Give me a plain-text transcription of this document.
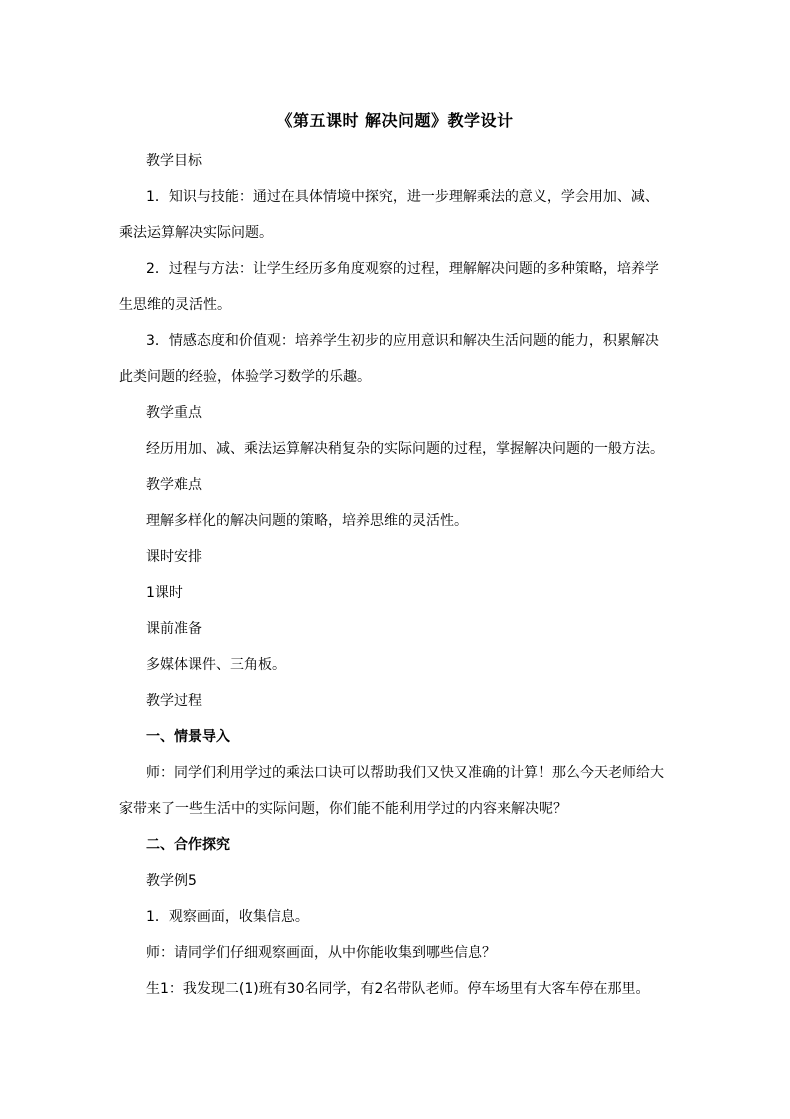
《第五课时 解决问题》教学设计
教学目标
1．知识与技能：通过在具体情境中探究，进一步理解乘法的意义，学会用加、减、
乘法运算解决实际问题。
2．过程与方法：让学生经历多角度观察的过程，理解解决问题的多种策略，培养学
生思维的灵活性。
3．情感态度和价值观：培养学生初步的应用意识和解决生活问题的能力，积累解决
此类问题的经验，体验学习数学的乐趣。
教学重点
经历用加、减、乘法运算解决稍复杂的实际问题的过程，掌握解决问题的一般方法。
教学难点
理解多样化的解决问题的策略，培养思维的灵活性。
课时安排
1课时
课前准备
多媒体课件、三角板。
教学过程
一、情景导入
师：同学们利用学过的乘法口诀可以帮助我们又快又准确的计算！那么今天老师给大
家带来了一些生活中的实际问题，你们能不能利用学过的内容来解决呢？
二、合作探究
教学例5
1．观察画面，收集信息。
师：请同学们仔细观察画面，从中你能收集到哪些信息？
生1：我发现二(1)班有30名同学，有2名带队老师。停车场里有大客车停在那里。
